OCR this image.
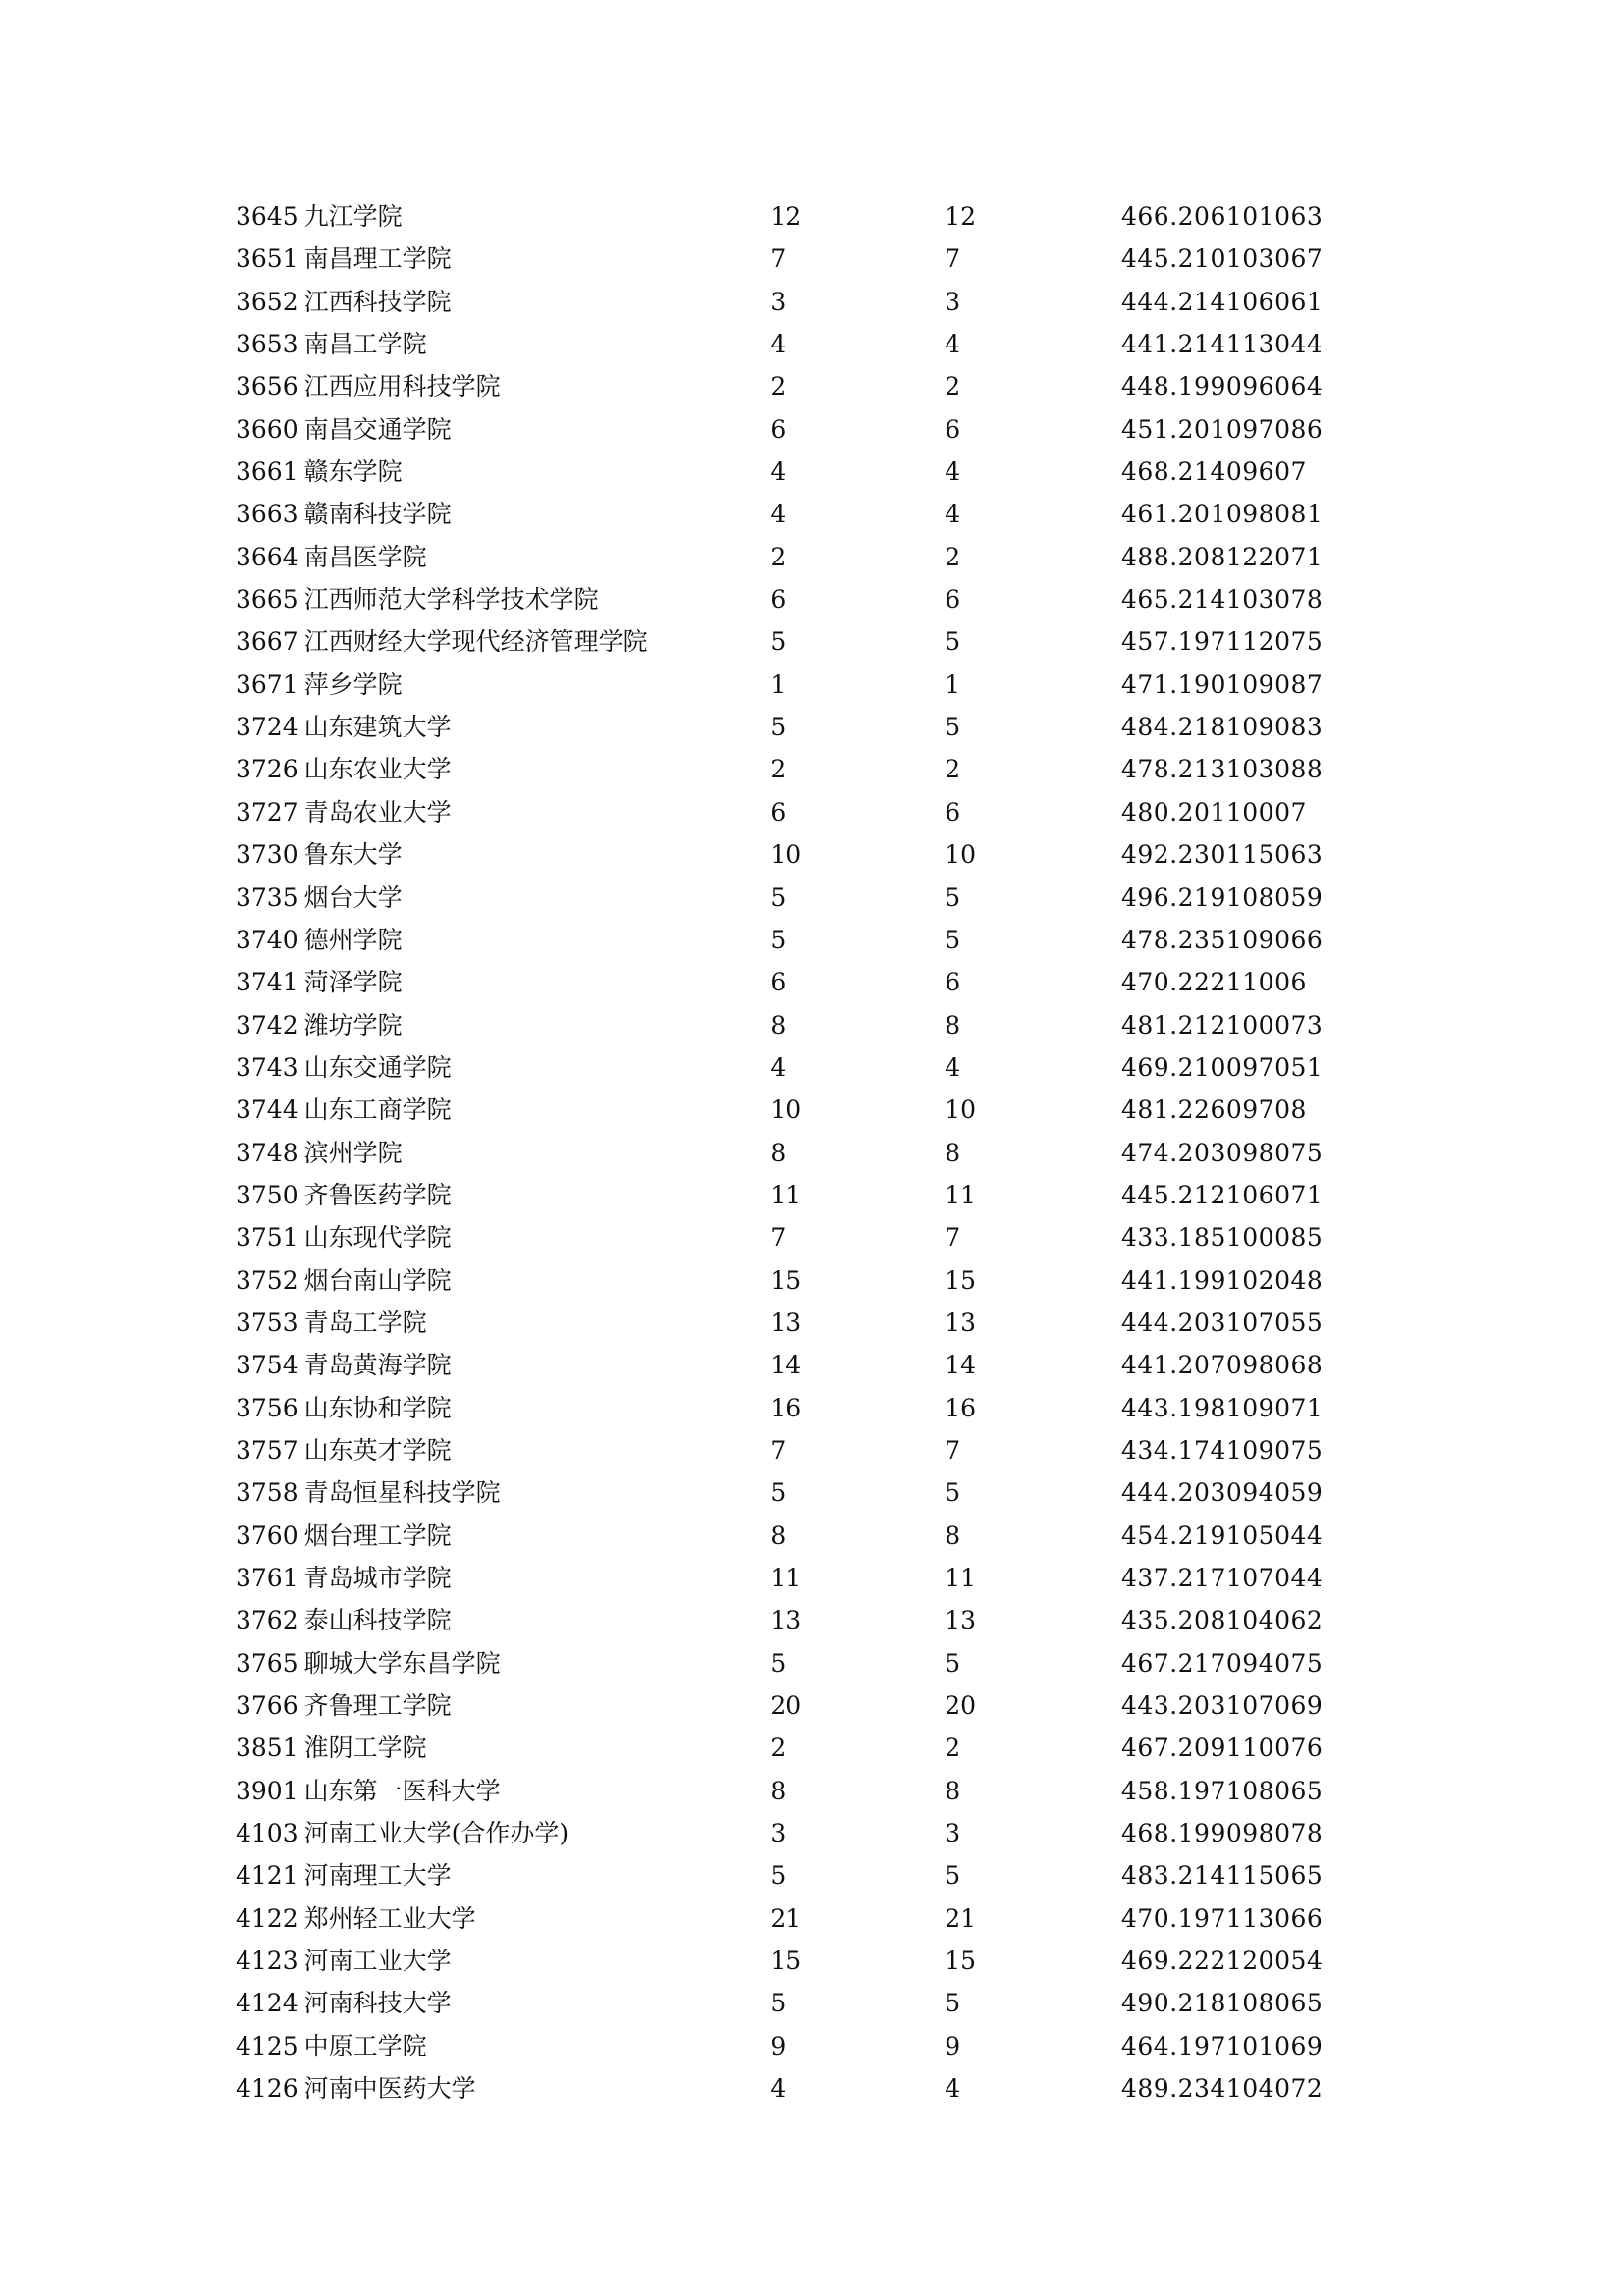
3645 九江学院	12	12	466.206101063
3651 南昌理工学院	7	7	445.210103067
3652 江西科技学院	3	3	444.214106061
3653 南昌工学院	4	4	441.214113044
3656 江西应用科技学院	2	2	448.199096064
3660 南昌交通学院	6	6	451.201097086
3661 赣东学院	4	4	468.21409607
3663 赣南科技学院	4	4	461.201098081
3664 南昌医学院	2	2	488.208122071
3665 江西师范大学科学技术学院	6	6	465.214103078
3667 江西财经大学现代经济管理学院	5	5	457.197112075
3671 萍乡学院	1	1	471.190109087
3724 山东建筑大学	5	5	484.218109083
3726 山东农业大学	2	2	478.213103088
3727 青岛农业大学	6	6	480.20110007
3730 鲁东大学	10	10	492.230115063
3735 烟台大学	5	5	496.219108059
3740 德州学院	5	5	478.235109066
3741 菏泽学院	6	6	470.22211006
3742 潍坊学院	8	8	481.212100073
3743 山东交通学院	4	4	469.210097051
3744 山东工商学院	10	10	481.22609708
3748 滨州学院	8	8	474.203098075
3750 齐鲁医药学院	11	11	445.212106071
3751 山东现代学院	7	7	433.185100085
3752 烟台南山学院	15	15	441.199102048
3753 青岛工学院	13	13	444.203107055
3754 青岛黄海学院	14	14	441.207098068
3756 山东协和学院	16	16	443.198109071
3757 山东英才学院	7	7	434.174109075
3758 青岛恒星科技学院	5	5	444.203094059
3760 烟台理工学院	8	8	454.219105044
3761 青岛城市学院	11	11	437.217107044
3762 泰山科技学院	13	13	435.208104062
3765 聊城大学东昌学院	5	5	467.217094075
3766 齐鲁理工学院	20	20	443.203107069
3851 淮阴工学院	2	2	467.209110076
3901 山东第一医科大学	8	8	458.197108065
4103 河南工业大学(合作办学)	3	3	468.199098078
4121 河南理工大学	5	5	483.214115065
4122 郑州轻工业大学	21	21	470.197113066
4123 河南工业大学	15	15	469.222120054
4124 河南科技大学	5	5	490.218108065
4125 中原工学院	9	9	464.197101069
4126 河南中医药大学	4	4	489.234104072
